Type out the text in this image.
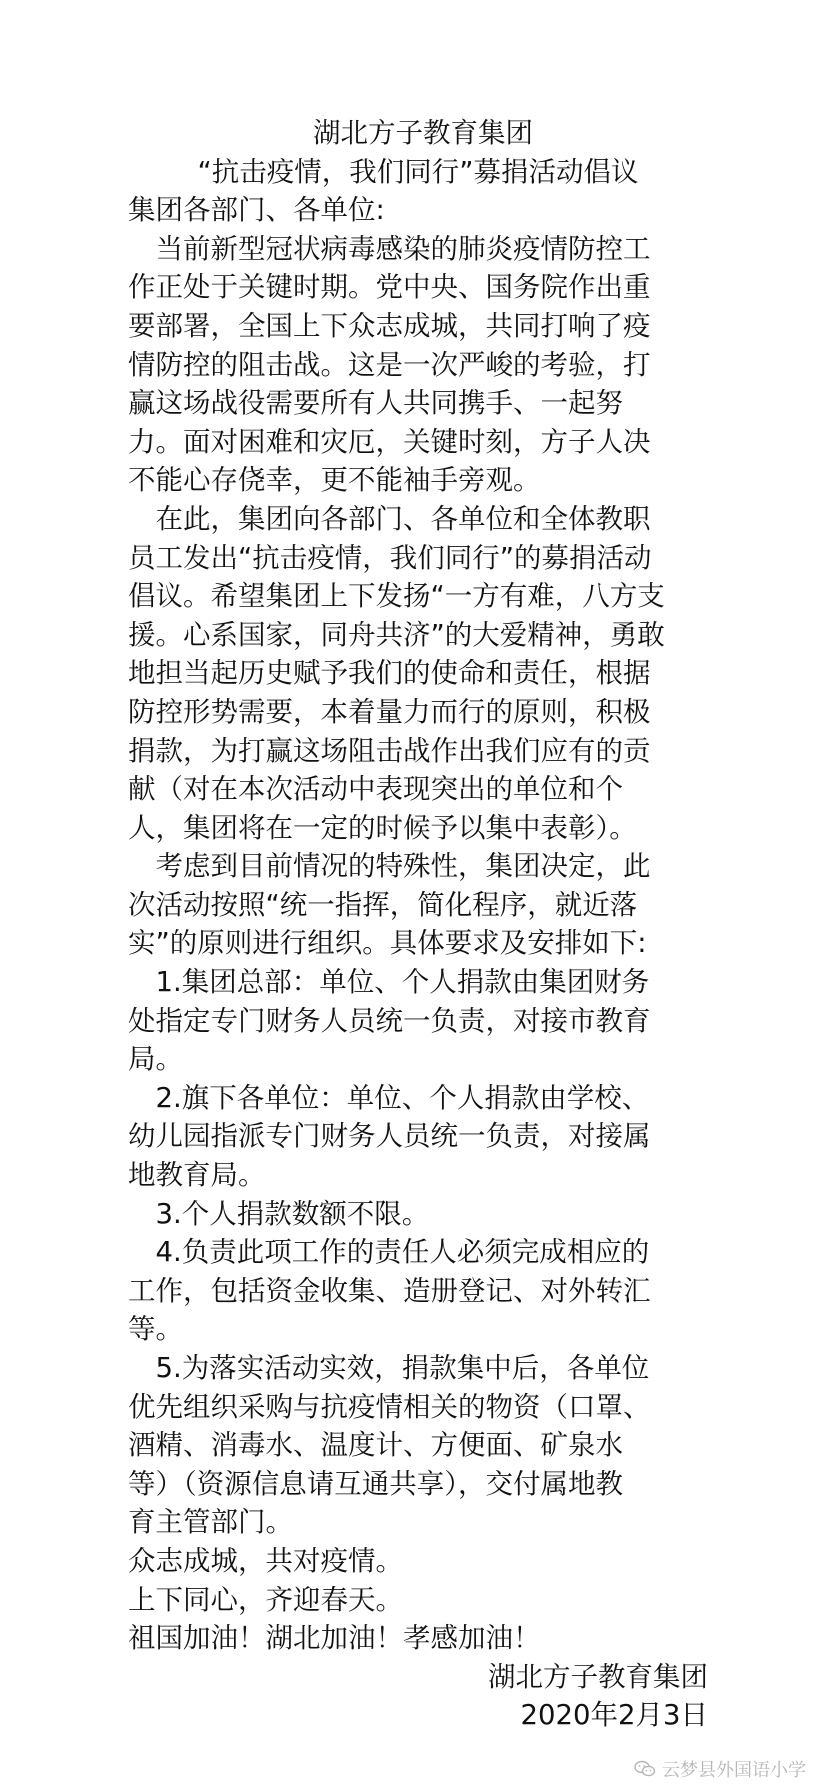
湖北方子教育集团
“抗击疫情，我们同行”募捐活动倡议
集团各部门、各单位:
　当前新型冠状病毒感染的肺炎疫情防控工
作正处于关键时期。党中央、国务院作出重
要部署，全国上下众志成城，共同打响了疫
情防控的阻击战。这是一次严峻的考验，打
赢这场战役需要所有人共同携手、一起努
力。面对困难和灾厄，关键时刻，方子人决
不能心存侥幸，更不能袖手旁观。
　在此，集团向各部门、各单位和全体教职
员工发出“抗击疫情，我们同行”的募捐活动
倡议。希望集团上下发扬“一方有难，八方支
援。心系国家，同舟共济”的大爱精神，勇敢
地担当起历史赋予我们的使命和责任，根据
防控形势需要，本着量力而行的原则，积极
捐款，为打赢这场阻击战作出我们应有的贡
献（对在本次活动中表现突出的单位和个
人，集团将在一定的时候予以集中表彰）。
　考虑到目前情况的特殊性，集团决定，此
次活动按照“统一指挥，简化程序，就近落
实”的原则进行组织。具体要求及安排如下:
　1.集团总部：单位、个人捐款由集团财务
处指定专门财务人员统一负责，对接市教育
局。
　2.旗下各单位：单位、个人捐款由学校、
幼儿园指派专门财务人员统一负责，对接属
地教育局。
　3.个人捐款数额不限。
　4.负责此项工作的责任人必须完成相应的
工作，包括资金收集、造册登记、对外转汇
等。
　5.为落实活动实效，捐款集中后，各单位
优先组织采购与抗疫情相关的物资（口罩、
酒精、消毒水、温度计、方便面、矿泉水
等）（资源信息请互通共享），交付属地教
育主管部门。
众志成城，共对疫情。
上下同心，齐迎春天。
祖国加油！湖北加油！孝感加油！
湖北方子教育集团
2020年2月3日
云梦县外国语小学
